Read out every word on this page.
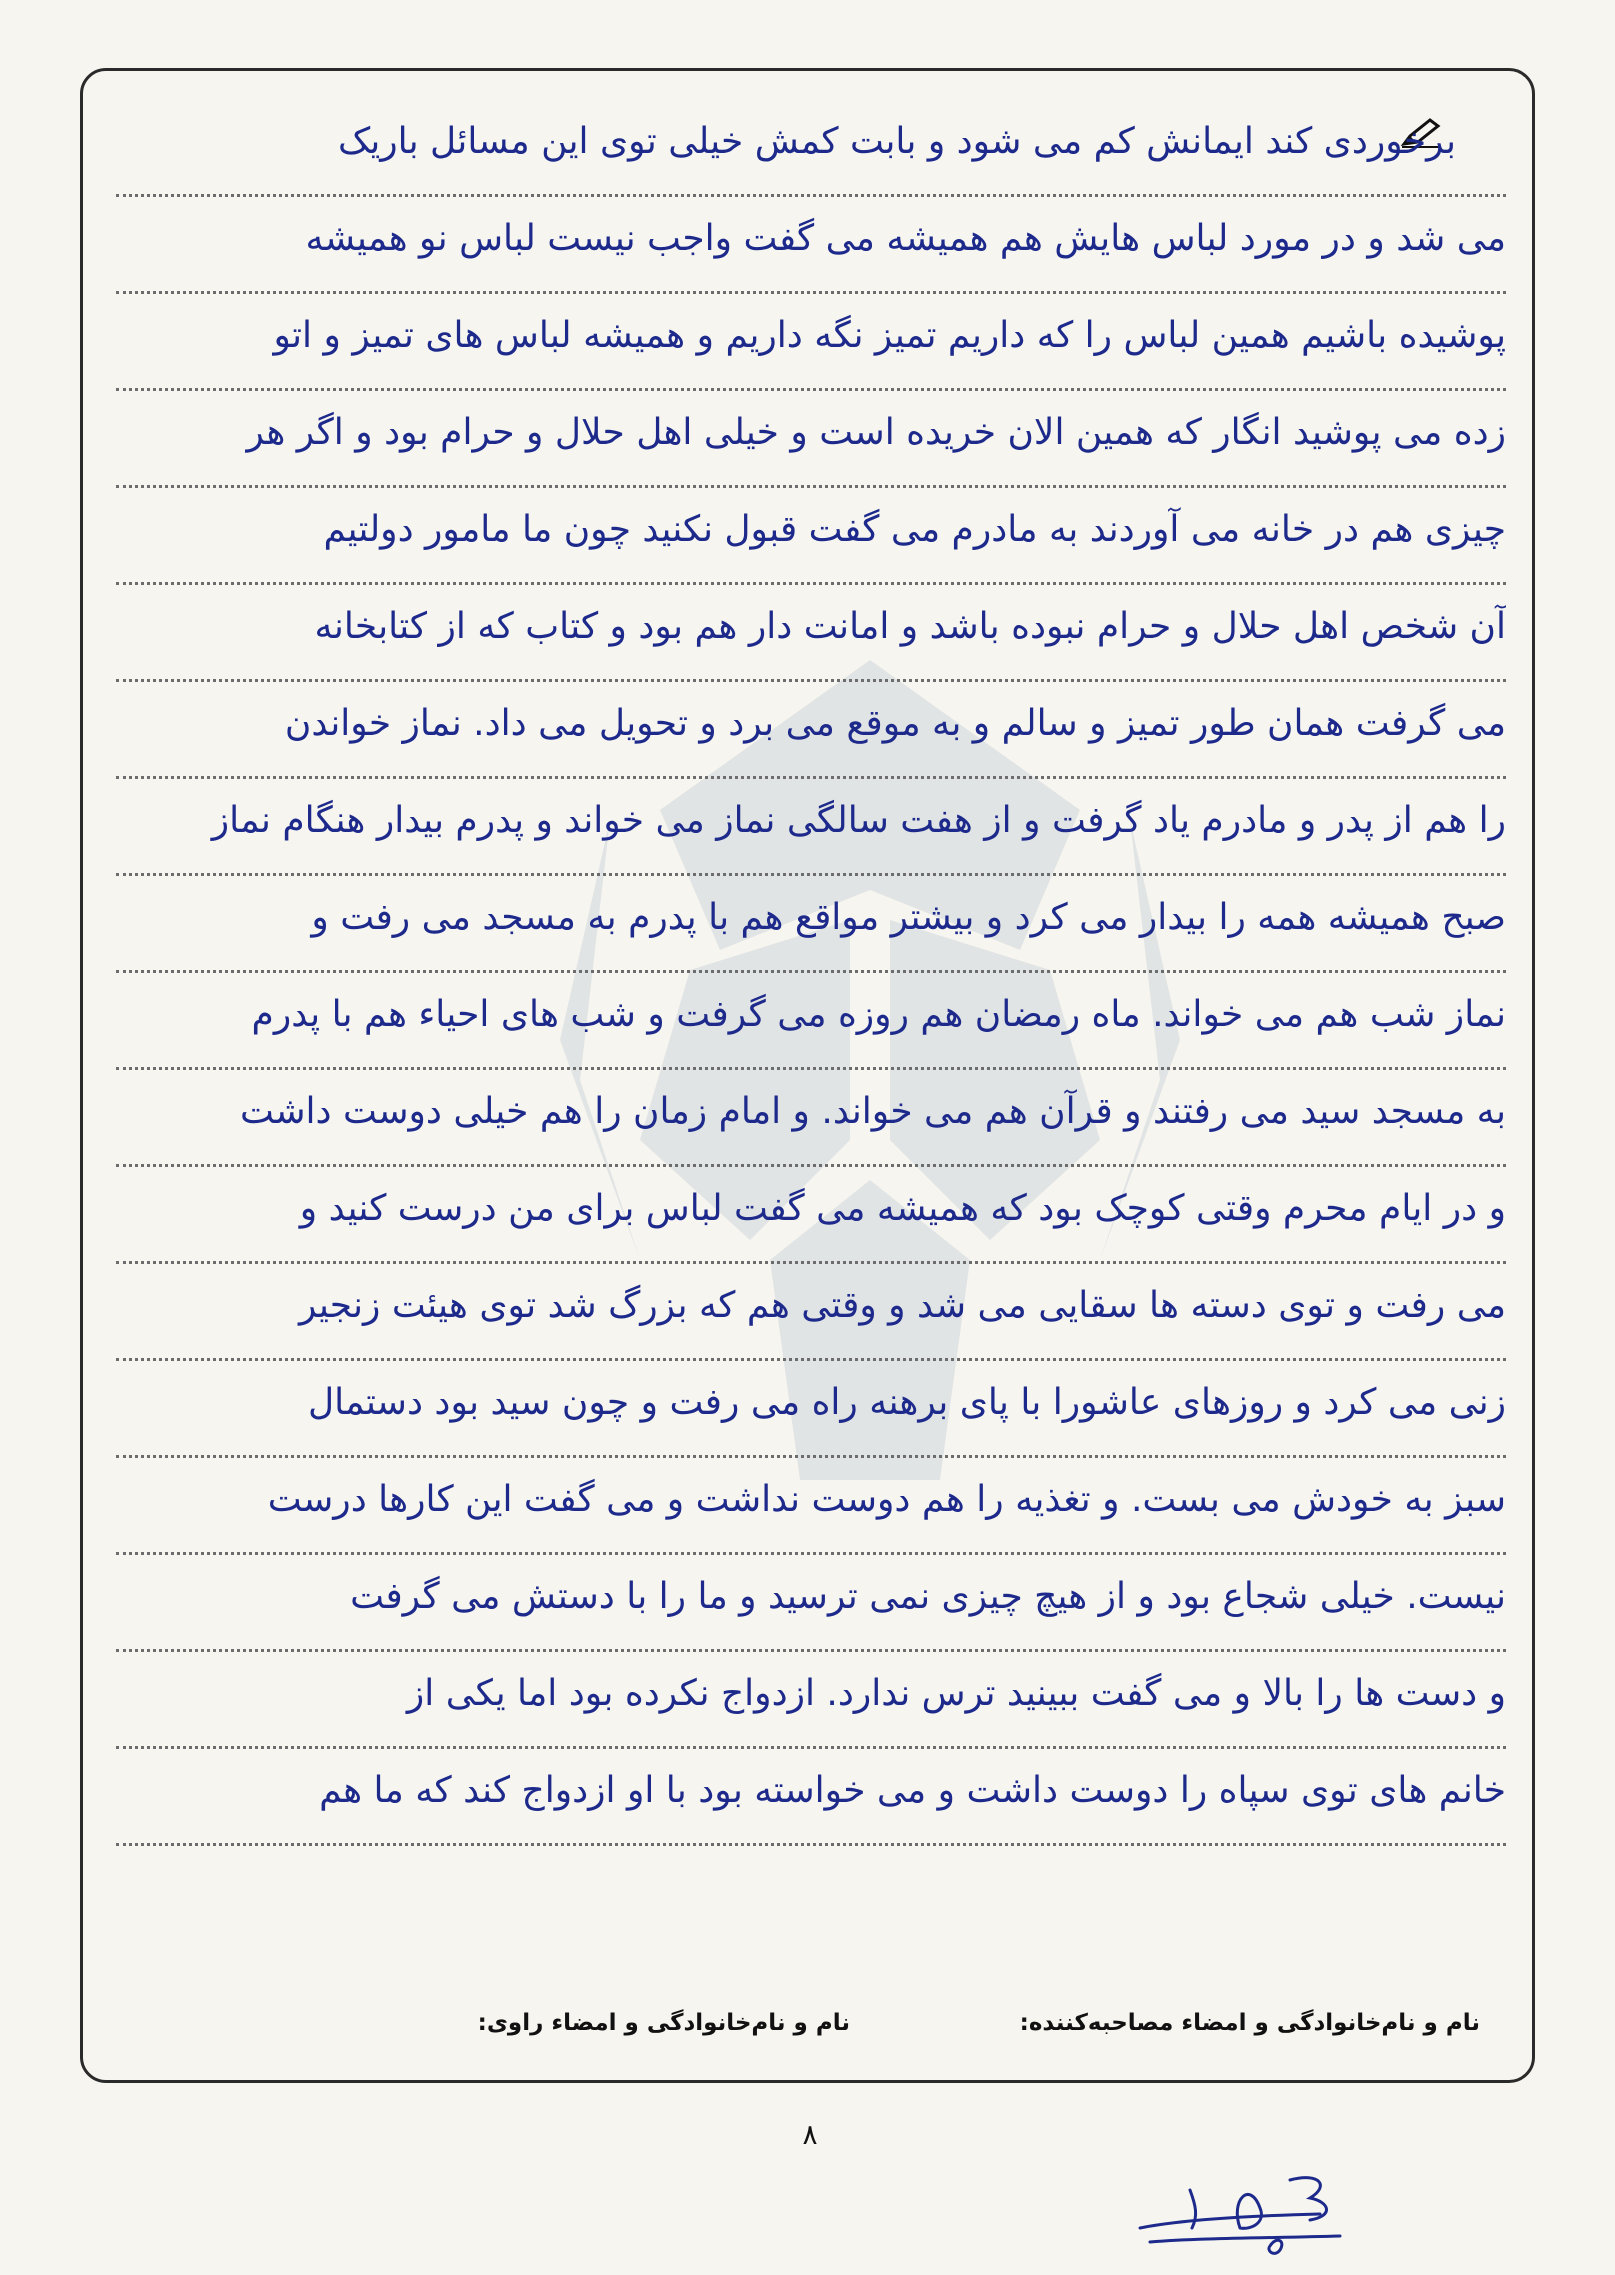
برخوردی کند ایمانش کم می شود و بابت کمش خیلی توی این مسائل باریک
می شد و در مورد لباس هایش هم همیشه می گفت واجب نیست لباس نو همیشه
پوشیده باشیم همین لباس را که داریم تمیز نگه داریم و همیشه لباس های تمیز و اتو
زده می پوشید انگار که همین الان خریده است و خیلی اهل حلال و حرام بود و اگر هر
چیزی هم در خانه می آوردند به مادرم می گفت قبول نکنید چون ما مامور دولتیم
آن شخص اهل حلال و حرام نبوده باشد و امانت دار هم بود و کتاب که از کتابخانه
می گرفت همان طور تمیز و سالم و به موقع می برد و تحویل می داد. نماز خواندن
را هم از پدر و مادرم یاد گرفت و از هفت سالگی نماز می خواند و پدرم بیدار هنگام نماز
صبح همیشه همه را بیدار می کرد و بیشتر مواقع هم با پدرم به مسجد می رفت و
نماز شب هم می خواند. ماه رمضان هم روزه می گرفت و شب های احیاء هم با پدرم
به مسجد سید می رفتند و قرآن هم می خواند. و امام زمان را هم خیلی دوست داشت
و در ایام محرم وقتی کوچک بود که همیشه می گفت لباس برای من درست کنید و
می رفت و توی دسته ها سقایی می شد و وقتی هم که بزرگ شد توی هیئت زنجیر
زنی می کرد و روزهای عاشورا با پای برهنه راه می رفت و چون سید بود دستمال
سبز به خودش می بست. و تغذیه را هم دوست نداشت و می گفت این کارها درست
نیست. خیلی شجاع بود و از هیچ چیزی نمی ترسید و ما را با دستش می گرفت
و دست ها را بالا و می گفت ببینید ترس ندارد. ازدواج نکرده بود اما یکی از
خانم های توی سپاه را دوست داشت و می خواسته بود با او ازدواج کند که ما هم
نام و نام‌خانوادگی و امضاء مصاحبه‌کننده:
نام و نام‌خانوادگی و امضاء راوی:
۸
